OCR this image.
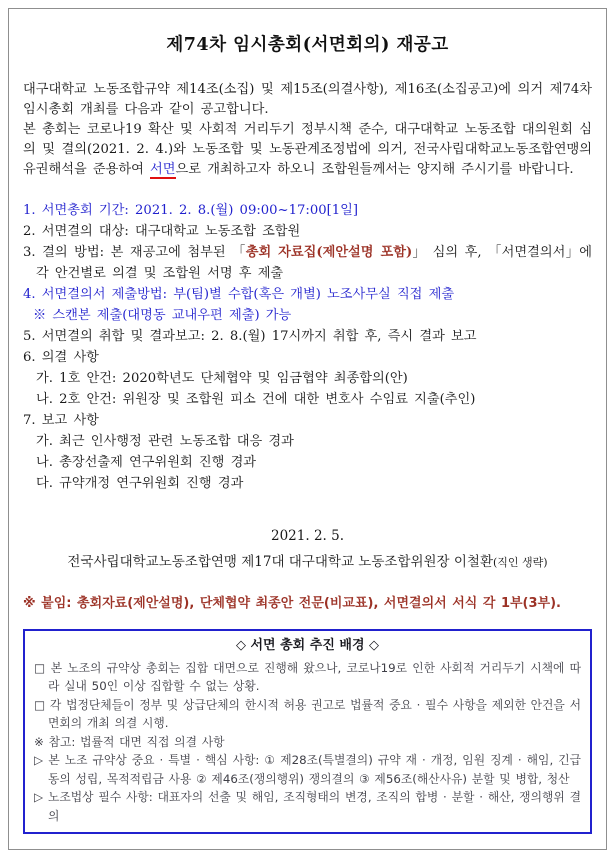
제74차 임시총회(서면회의) 재공고

대구대학교 노동조합규약 제14조(소집) 및 제15조(의결사항), 제16조(소집공고)에 의거 제74차 임시총회 개최를 다음과 같이 공고합니다.

본 총회는 코로나19 확산 및 사회적 거리두기 정부시책 준수, 대구대학교 노동조합 대의원회 심의 및 결의(2021. 2. 4.)와 노동조합 및 노동관계조정법에 의거, 전국사립대학교노동조합연맹의 유권해석을 준용하여 서면으로 개최하고자 하오니 조합원들께서는 양지해 주시기를 바랍니다.

1. 서면총회 기간: 2021. 2. 8.(월) 09:00~17:00[1일]

2. 서면결의 대상: 대구대학교 노동조합 조합원

3. 결의 방법: 본 재공고에 첨부된 「총회 자료집(제안설명 포함)」 심의 후, 「서면결의서」에 각 안건별로 의결 및 조합원 서명 후 제출

4. 서면결의서 제출방법: 부(팀)별 수합(혹은 개별) 노조사무실 직접 제출

※ 스캔본 제출(대명동 교내우편 제출) 가능

5. 서면결의 취합 및 결과보고: 2. 8.(월) 17시까지 취합 후, 즉시 결과 보고

6. 의결 사항

가. 1호 안건: 2020학년도 단체협약 및 임금협약 최종합의(안)

나. 2호 안건: 위원장 및 조합원 피소 건에 대한 변호사 수임료 지출(추인)

7. 보고 사항

가. 최근 인사행정 관련 노동조합 대응 경과

나. 총장선출제 연구위원회 진행 경과

다. 규약개정 연구위원회 진행 경과

2021. 2. 5.
전국사립대학교노동조합연맹 제17대 대구대학교 노동조합위원장 이철환(직인 생략)
※ 붙임: 총회자료(제안설명), 단체협약 최종안 전문(비교표), 서면결의서 서식 각 1부(3부).
◇ 서면 총회 추진 배경 ◇

□ 본 노조의 규약상 총회는 집합 대면으로 진행해 왔으나, 코로나19로 인한 사회적 거리두기 시책에 따라 실내 50인 이상 집합할 수 없는 상황.

□ 각 법정단체들이 정부 및 상급단체의 한시적 허용 권고로 법률적 중요 · 필수 사항을 제외한 안건을 서면회의 개최 의결 시행.

※ 참고: 법률적 대면 직접 의결 사항

▷ 본 노조 규약상 중요 · 특별 · 핵심 사항: ① 제28조(특별결의) 규약 재 · 개정, 임원 징계 · 해임, 긴급동의 성립, 목적적립금 사용 ② 제46조(쟁의행위) 쟁의결의 ③ 제56조(해산사유) 분할 및 병합, 청산

▷ 노조법상 필수 사항: 대표자의 선출 및 해임, 조직형태의 변경, 조직의 합병 · 분할 · 해산, 쟁의행위 결의
